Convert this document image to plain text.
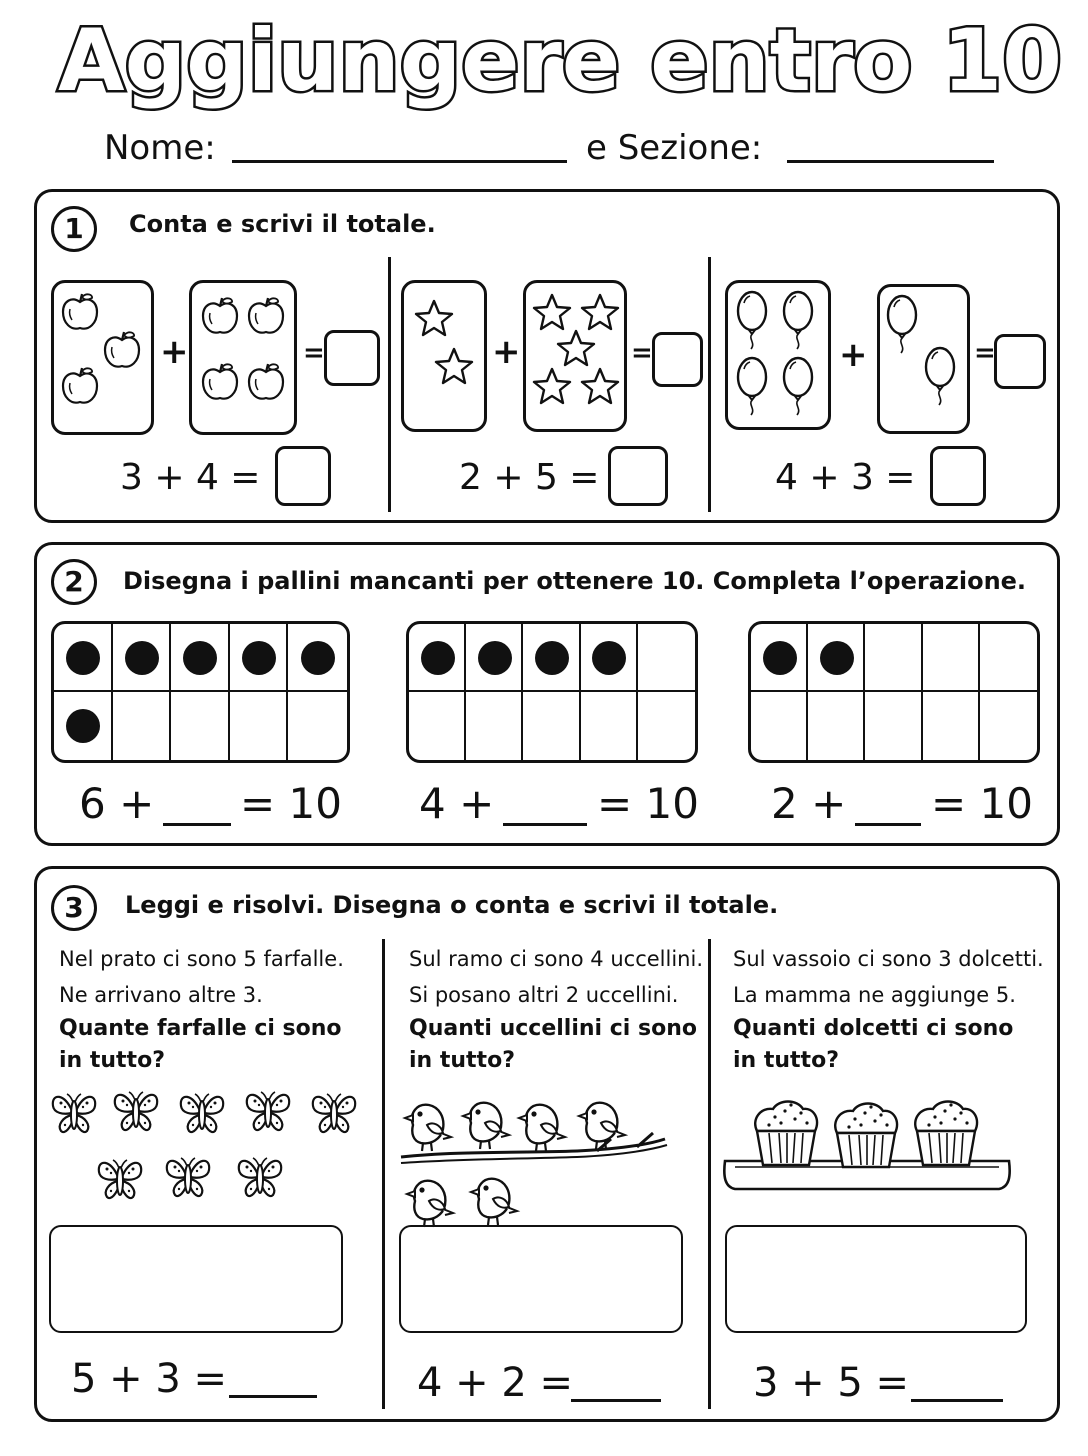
Aggiungere entro 10
Nome:	e Sezione:
1	Conta e scrivi il totale.
+	=
3 + 4 =
+	=
2 + 5 =
+	=
4 + 3 =
2	Disegna i pallini mancanti per ottenere 10. Completa l’operazione.
6 + = 10 4 + = 10 2 + = 10
3	Leggi e risolvi. Disegna o conta e scrivi il totale.
Nel prato ci sono 5 farfalle.
Ne arrivano altre 3.
Quante farfalle ci sono
in tutto?
5 + 3 =
Sul ramo ci sono 4 uccellini.
Si posano altri 2 uccellini.
Quanti uccellini ci sono
in tutto?
4 + 2 =
Sul vassoio ci sono 3 dolcetti.
La mamma ne aggiunge 5.
Quanti dolcetti ci sono
in tutto?
3 + 5 =
